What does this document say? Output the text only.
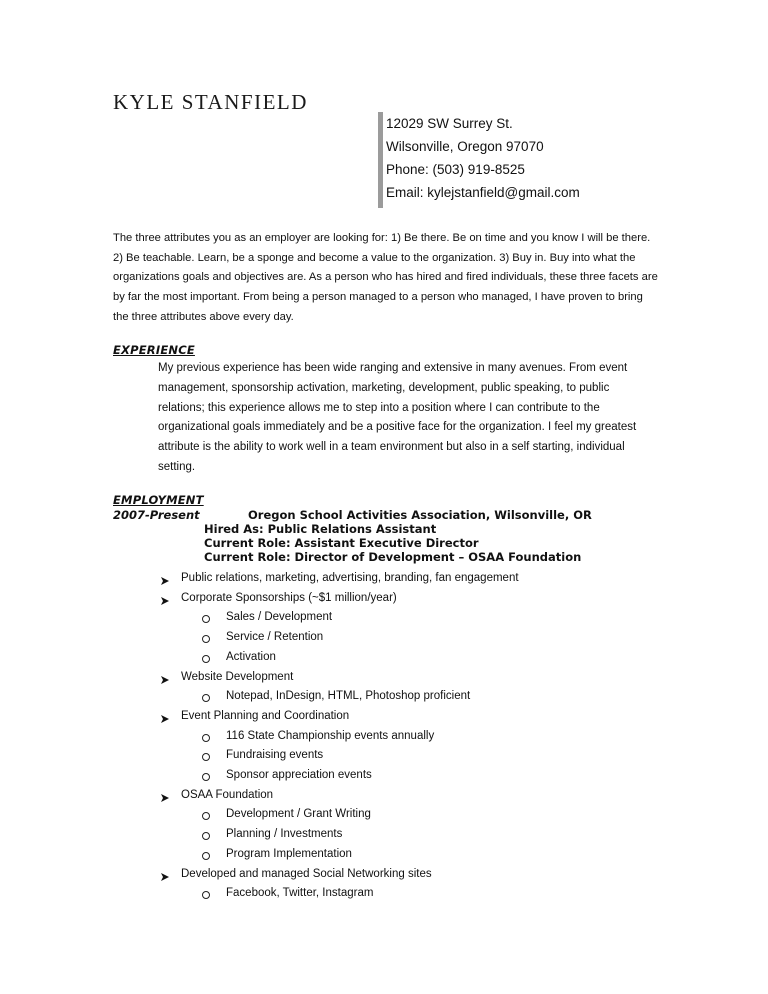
KYLE STANFIELD
12029 SW Surrey St.
Wilsonville, Oregon 97070
Phone: (503) 919-8525
Email: kylejstanfield@gmail.com
The three attributes you as an employer are looking for: 1) Be there. Be on time and you know I will be there. 2) Be teachable. Learn, be a sponge and become a value to the organization. 3) Buy in. Buy into what the organizations goals and objectives are. As a person who has hired and fired individuals, these three facets are by far the most important. From being a person managed to a person who managed, I have proven to bring the three attributes above every day.
EXPERIENCE
My previous experience has been wide ranging and extensive in many avenues. From event management, sponsorship activation, marketing, development, public speaking, to public relations; this experience allows me to step into a position where I can contribute to the organizational goals immediately and be a positive face for the organization. I feel my greatest attribute is the ability to work well in a team environment but also in a self starting, individual setting.
EMPLOYMENT
2007-Present	Oregon School Activities Association, Wilsonville, OR
Hired As: Public Relations Assistant
Current Role: Assistant Executive Director
Current Role: Director of Development – OSAA Foundation
Public relations, marketing, advertising, branding, fan engagement
Corporate Sponsorships (~$1 million/year)
Sales / Development
Service / Retention
Activation
Website Development
Notepad, InDesign, HTML, Photoshop proficient
Event Planning and Coordination
116 State Championship events annually
Fundraising events
Sponsor appreciation events
OSAA Foundation
Development / Grant Writing
Planning / Investments
Program Implementation
Developed and managed Social Networking sites
Facebook, Twitter, Instagram
